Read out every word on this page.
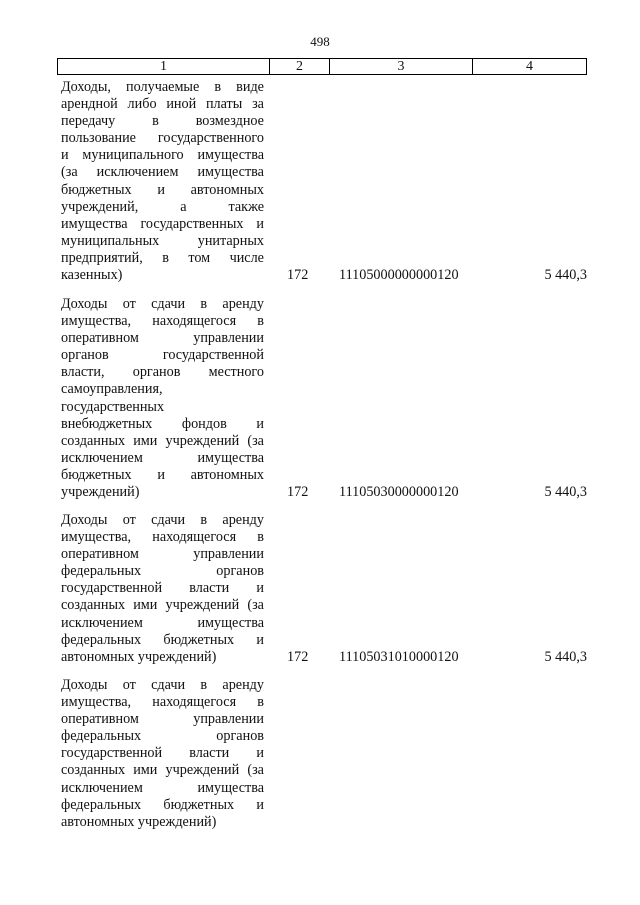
498
1	2	3	4
Доходы, получаемые в виде
арендной либо иной платы за
передачу	в	возмездное
пользование государственного
и муниципального имущества
(за исключением имущества
бюджетных и автономных
учреждений,	а	также
имущества государственных и
муниципальных	унитарных
предприятий, в том числе
казенных)	172 11105000000000120	5 440,3
Доходы от сдачи в аренду
имущества, находящегося в
оперативном	управлении
органов	государственной
власти, органов местного
самоуправления,
государственных
внебюджетных фондов и
созданных ими учреждений (за
исключением	имущества
бюджетных и автономных
учреждений)	172 11105030000000120	5 440,3
Доходы от сдачи в аренду
имущества, находящегося в
оперативном	управлении
федеральных	органов
государственной власти и
созданных ими учреждений (за
исключением	имущества
федеральных бюджетных и
автономных учреждений)	172 11105031010000120	5 440,3
Доходы от сдачи в аренду
имущества, находящегося в
оперативном	управлении
федеральных	органов
государственной власти и
созданных ими учреждений (за
исключением	имущества
федеральных бюджетных и
автономных учреждений)
